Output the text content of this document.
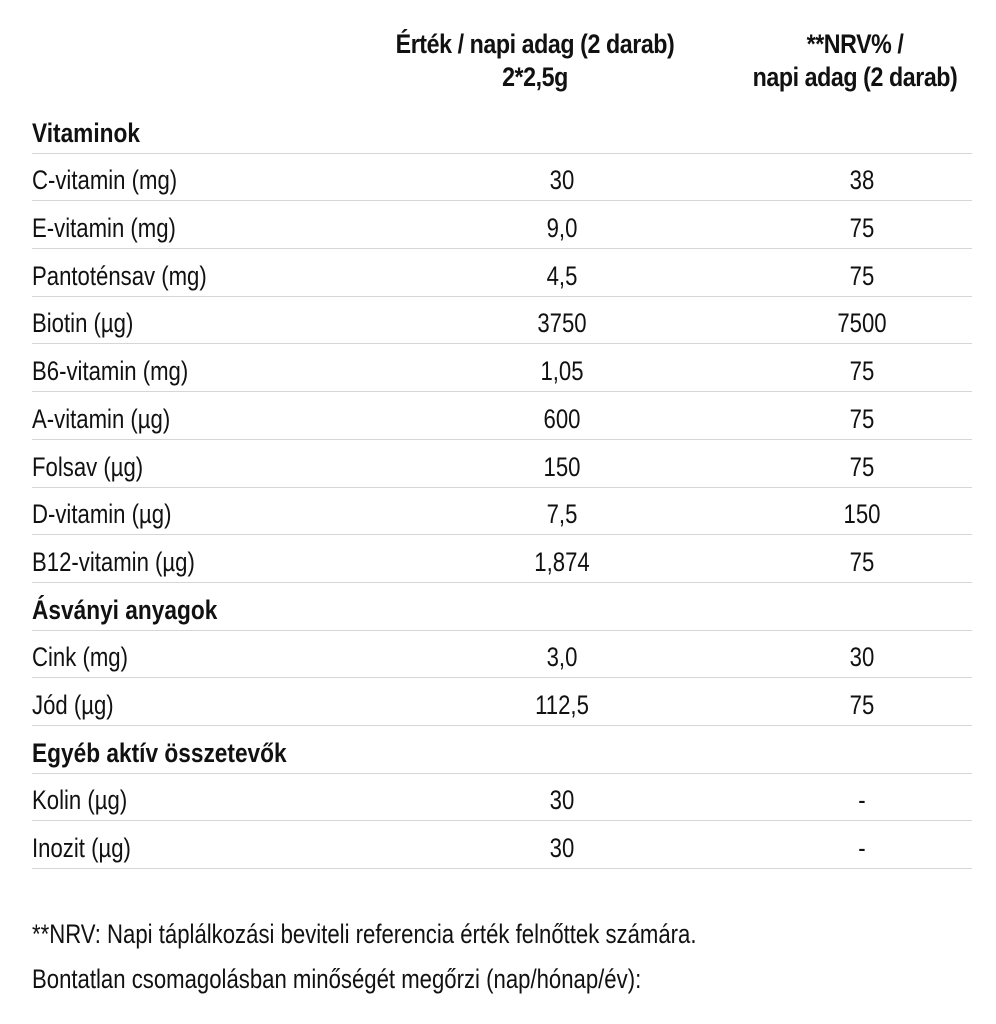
Érték / napi adag (2 darab)
2*2,5g
**NRV% /
napi adag (2 darab)
Vitaminok
C-vitamin (mg)	30	38
E-vitamin (mg)	9,0	75
Pantoténsav (mg)	4,5	75
Biotin (µg)	3750	7500
B6-vitamin (mg)	1,05	75
A-vitamin (µg)	600	75
Folsav (µg)	150	75
D-vitamin (µg)	7,5	150
B12-vitamin (µg)	1,874	75
Ásványi anyagok
Cink (mg)	3,0	30
Jód (µg)	112,5	75
Egyéb aktív összetevők
Kolin (µg)	30	-
Inozit (µg)	30	-
**NRV: Napi táplálkozási beviteli referencia érték felnőttek számára.
Bontatlan csomagolásban minőségét megőrzi (nap/hónap/év):
